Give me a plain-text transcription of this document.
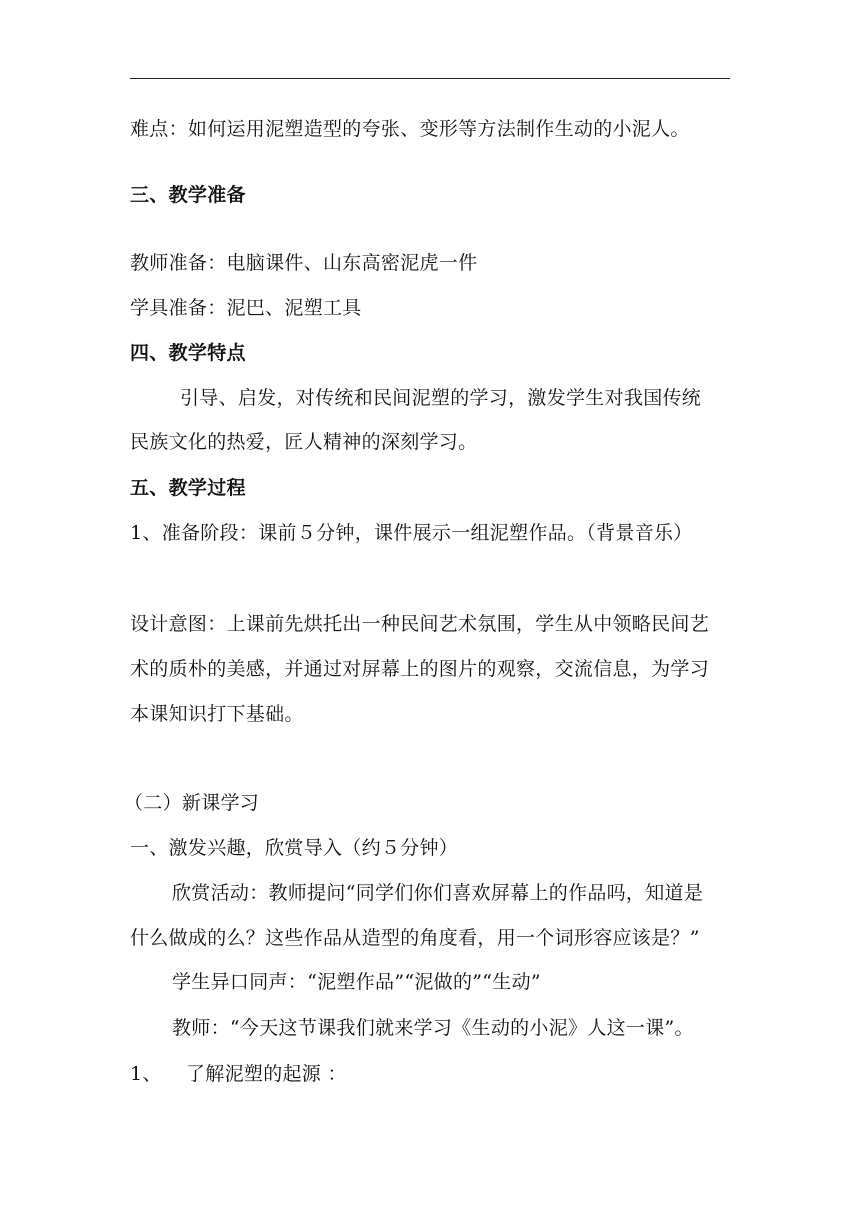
难点：如何运用泥塑造型的夸张、变形等方法制作生动的小泥人。
三、教学准备
教师准备：电脑课件、山东高密泥虎一件
学具准备：泥巴、泥塑工具
四、教学特点
引导、启发，对传统和民间泥塑的学习，激发学生对我国传统
民族文化的热爱，匠人精神的深刻学习。
五、教学过程
1、准备阶段：课前５分钟，课件展示一组泥塑作品。（背景音乐）
设计意图：上课前先烘托出一种民间艺术氛围，学生从中领略民间艺
术的质朴的美感，并通过对屏幕上的图片的观察，交流信息，为学习
本课知识打下基础。
（二）新课学习
一、激发兴趣，欣赏导入（约５分钟）
欣赏活动：教师提问“同学们你们喜欢屏幕上的作品吗，知道是
什么做成的么？这些作品从造型的角度看，用一个词形容应该是？”
学生异口同声：“泥塑作品”“泥做的”“生动”
教师：“今天这节课我们就来学习《生动的小泥》人这一课”。
1、 了解泥塑的起源 ：
